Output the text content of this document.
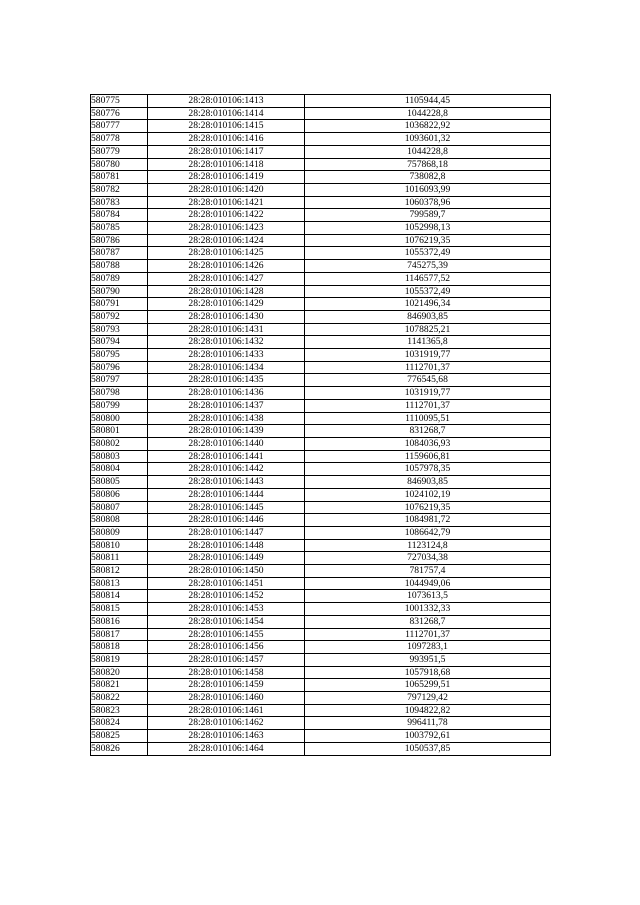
580775	28:28:010106:1413	1105944,45
580776	28:28:010106:1414	1044228,8
580777	28:28:010106:1415	1036822,92
580778	28:28:010106:1416	1093601,32
580779	28:28:010106:1417	1044228,8
580780	28:28:010106:1418	757868,18
580781	28:28:010106:1419	738082,8
580782	28:28:010106:1420	1016093,99
580783	28:28:010106:1421	1060378,96
580784	28:28:010106:1422	799589,7
580785	28:28:010106:1423	1052998,13
580786	28:28:010106:1424	1076219,35
580787	28:28:010106:1425	1055372,49
580788	28:28:010106:1426	745275,39
580789	28:28:010106:1427	1146577,52
580790	28:28:010106:1428	1055372,49
580791	28:28:010106:1429	1021496,34
580792	28:28:010106:1430	846903,85
580793	28:28:010106:1431	1078825,21
580794	28:28:010106:1432	1141365,8
580795	28:28:010106:1433	1031919,77
580796	28:28:010106:1434	1112701,37
580797	28:28:010106:1435	776545,68
580798	28:28:010106:1436	1031919,77
580799	28:28:010106:1437	1112701,37
580800	28:28:010106:1438	1110095,51
580801	28:28:010106:1439	831268,7
580802	28:28:010106:1440	1084036,93
580803	28:28:010106:1441	1159606,81
580804	28:28:010106:1442	1057978,35
580805	28:28:010106:1443	846903,85
580806	28:28:010106:1444	1024102,19
580807	28:28:010106:1445	1076219,35
580808	28:28:010106:1446	1084981,72
580809	28:28:010106:1447	1086642,79
580810	28:28:010106:1448	1123124,8
580811	28:28:010106:1449	727034,38
580812	28:28:010106:1450	781757,4
580813	28:28:010106:1451	1044949,06
580814	28:28:010106:1452	1073613,5
580815	28:28:010106:1453	1001332,33
580816	28:28:010106:1454	831268,7
580817	28:28:010106:1455	1112701,37
580818	28:28:010106:1456	1097283,1
580819	28:28:010106:1457	993951,5
580820	28:28:010106:1458	1057918,68
580821	28:28:010106:1459	1065299,51
580822	28:28:010106:1460	797129,42
580823	28:28:010106:1461	1094822,82
580824	28:28:010106:1462	996411,78
580825	28:28:010106:1463	1003792,61
580826	28:28:010106:1464	1050537,85
